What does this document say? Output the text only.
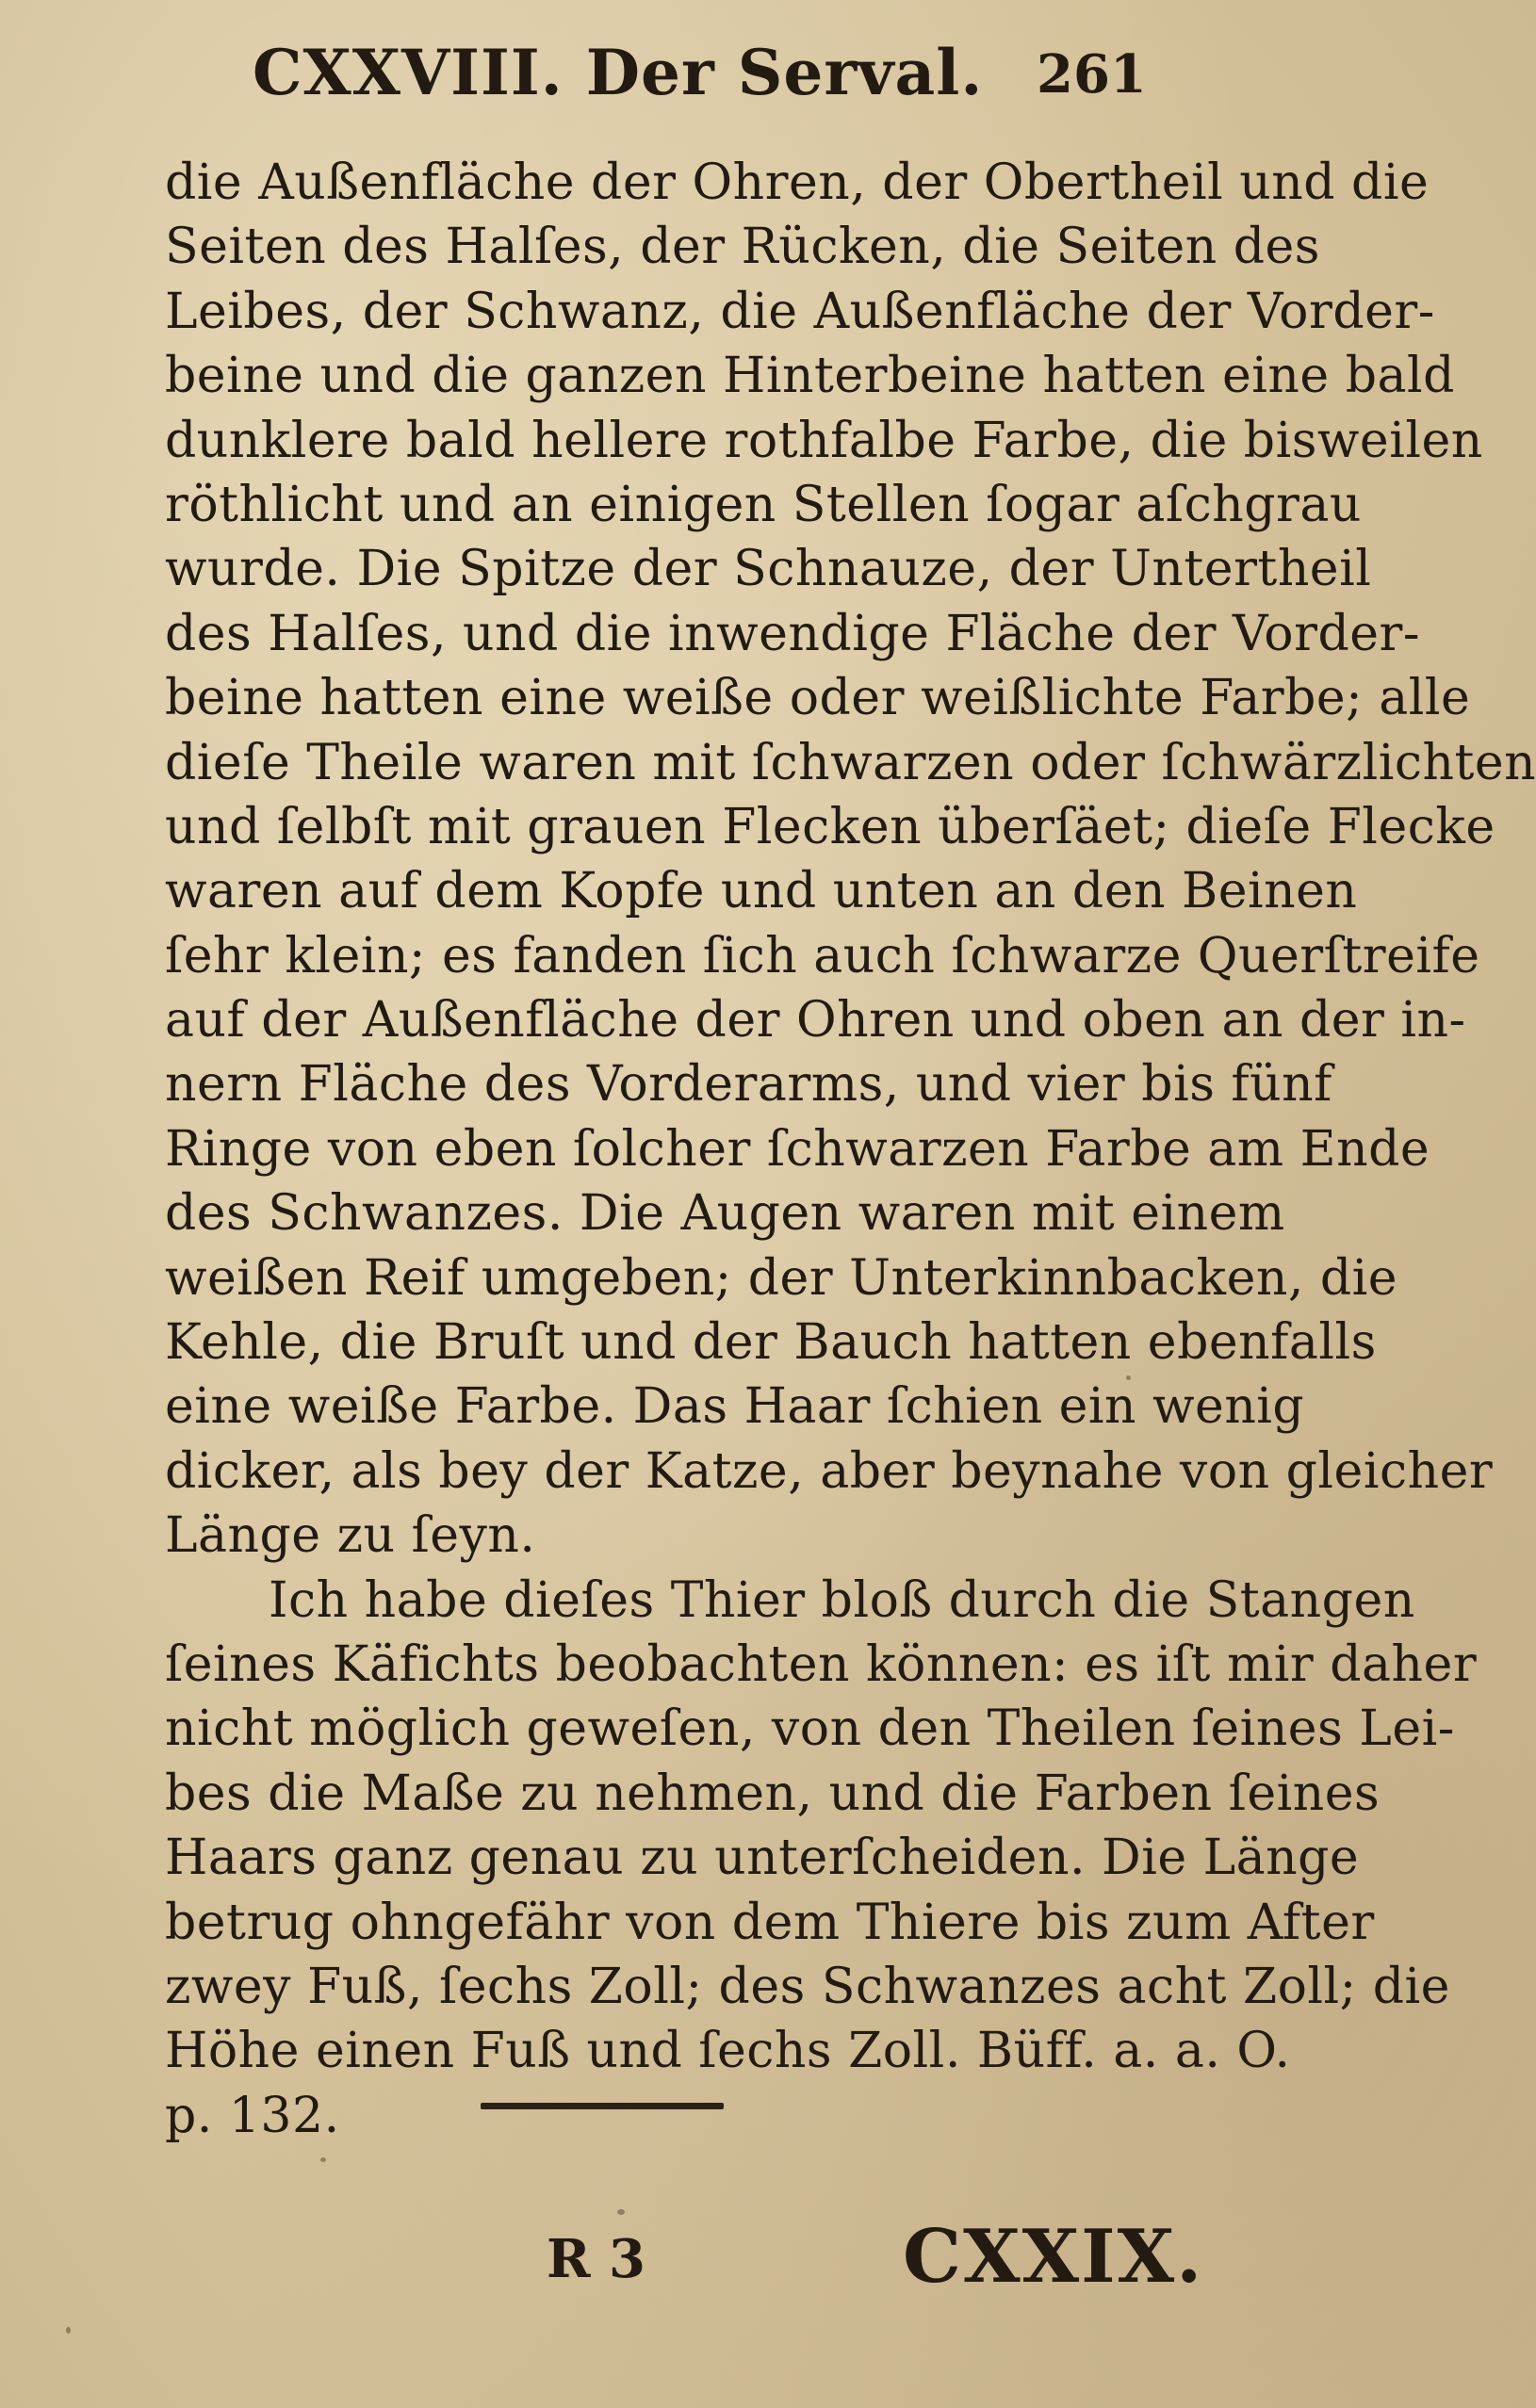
CXXVIII. Der Serval. 261
die Außenfläche der Ohren, der Obertheil und die
Seiten des Halſes, der Rücken, die Seiten des
Leibes, der Schwanz, die Außenfläche der Vorder-
beine und die ganzen Hinterbeine hatten eine bald
dunklere bald hellere rothfalbe Farbe, die bisweilen
röthlicht und an einigen Stellen ſogar aſchgrau
wurde. Die Spitze der Schnauze, der Untertheil
des Halſes, und die inwendige Fläche der Vorder-
beine hatten eine weiße oder weißlichte Farbe; alle
dieſe Theile waren mit ſchwarzen oder ſchwärzlichten
und ſelbſt mit grauen Flecken überſäet; dieſe Flecke
waren auf dem Kopfe und unten an den Beinen
ſehr klein; es fanden ſich auch ſchwarze Querſtreife
auf der Außenfläche der Ohren und oben an der in-
nern Fläche des Vorderarms, und vier bis fünf
Ringe von eben ſolcher ſchwarzen Farbe am Ende
des Schwanzes. Die Augen waren mit einem
weißen Reif umgeben; der Unterkinnbacken, die
Kehle, die Bruſt und der Bauch hatten ebenfalls
eine weiße Farbe. Das Haar ſchien ein wenig
dicker, als bey der Katze, aber beynahe von gleicher
Länge zu ſeyn.
Ich habe dieſes Thier bloß durch die Stangen
ſeines Käfichts beobachten können: es iſt mir daher
nicht möglich geweſen, von den Theilen ſeines Lei-
bes die Maße zu nehmen, und die Farben ſeines
Haars ganz genau zu unterſcheiden. Die Länge
betrug ohngefähr von dem Thiere bis zum After
zwey Fuß, ſechs Zoll; des Schwanzes acht Zoll; die
Höhe einen Fuß und ſechs Zoll. Büff. a. a. O.
p. 132.
R 3	CXXIX.
